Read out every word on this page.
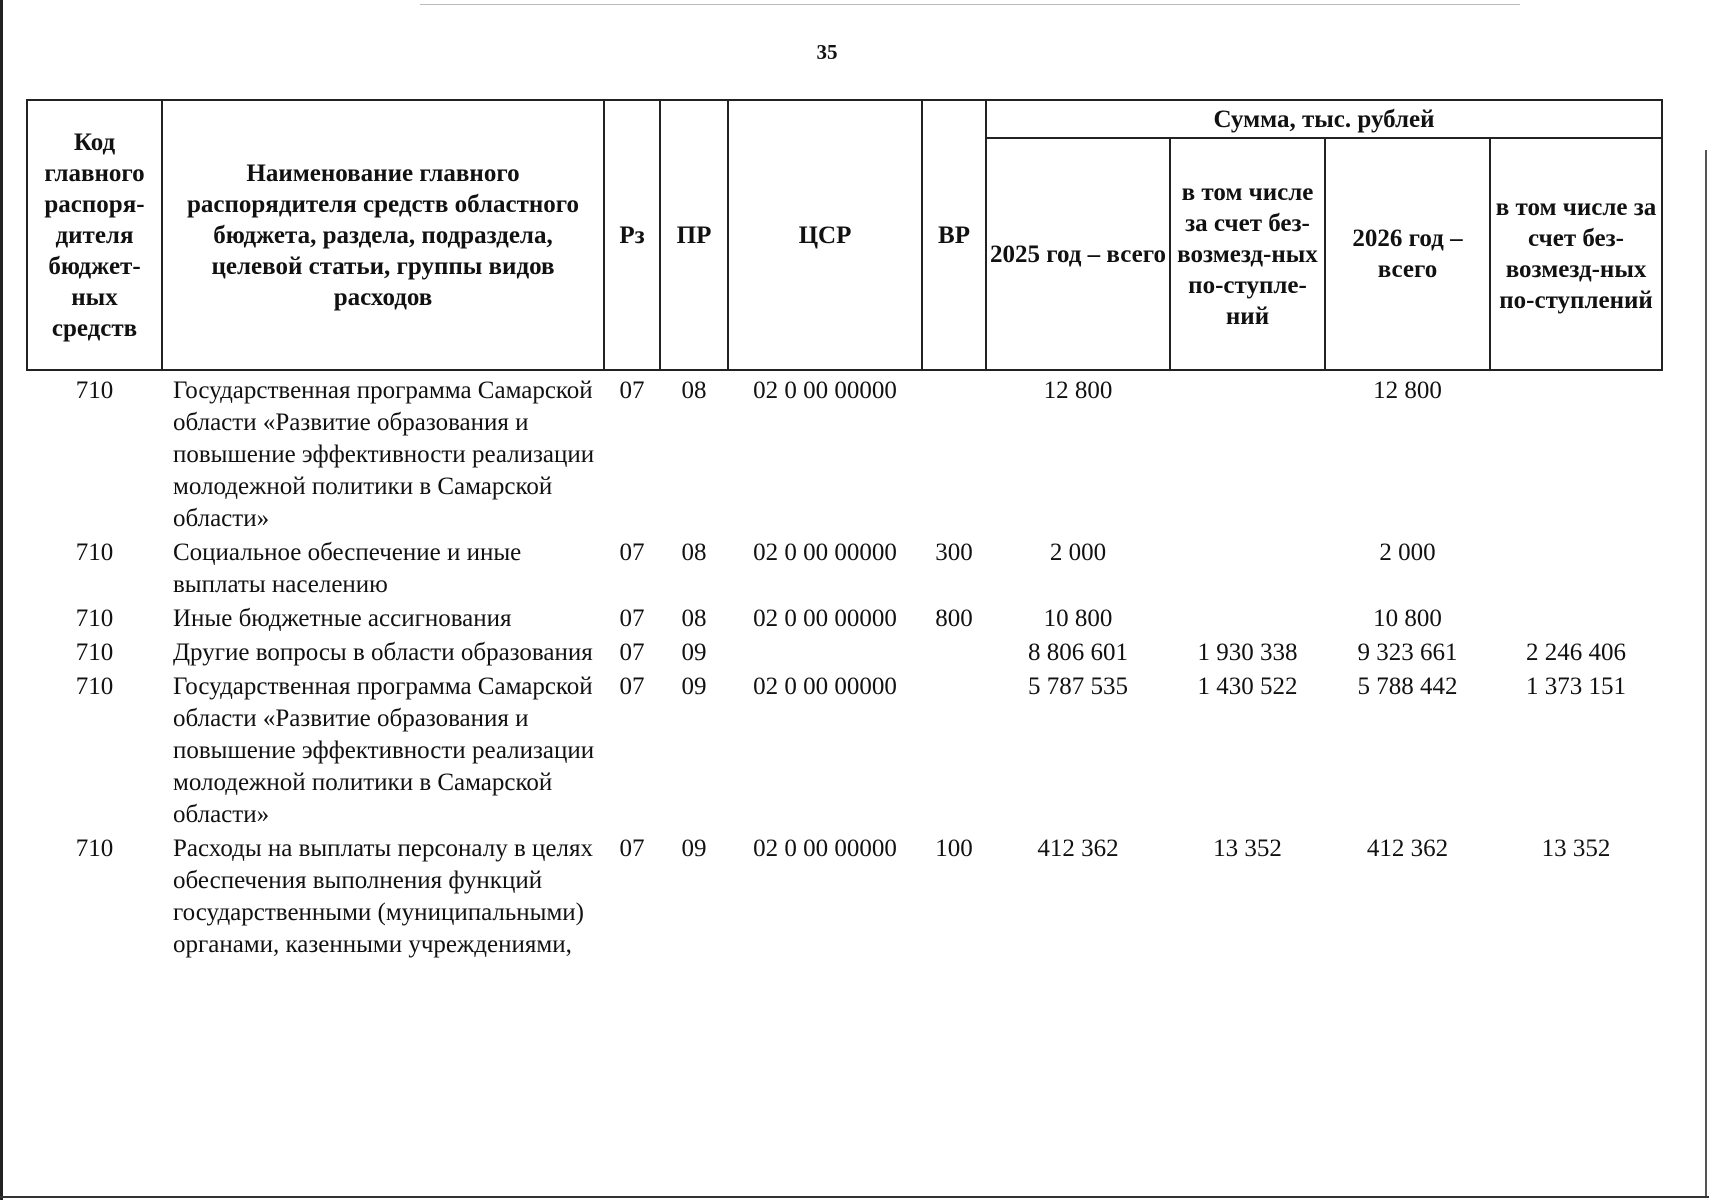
35
Код главного распоря-дителя бюджет-ных средств	Наименование главного распорядителя средств областного бюджета, раздела, подраздела, целевой статьи, группы видов расходов	Рз	ПР	ЦСР	ВР	Сумма, тыс. рублей			
						2025 год – всего	в том числе за счет без-возмезд-ных по-ступле-ний	2026 год – всего	в том числе за счет без-возмезд-ных по-ступлений
710	Государственная программа Самарской области «Развитие образования и повышение эффективности реализации молодежной политики в Самарской области»	07	08	02 0 00 00000		12 800		12 800	
710	Социальное обеспечение и иные выплаты населению	07	08	02 0 00 00000	300	2 000		2 000	
710	Иные бюджетные ассигнования	07	08	02 0 00 00000	800	10 800		10 800	
710	Другие вопросы в области образования	07	09			8 806 601	1 930 338	9 323 661	2 246 406
710	Государственная программа Самарской области «Развитие образования и повышение эффективности реализации молодежной политики в Самарской области»	07	09	02 0 00 00000		5 787 535	1 430 522	5 788 442	1 373 151
710	Расходы на выплаты персоналу в целях обеспечения выполнения функций государственными (муниципальными) органами, казенными учреждениями,	07	09	02 0 00 00000	100	412 362	13 352	412 362	13 352
